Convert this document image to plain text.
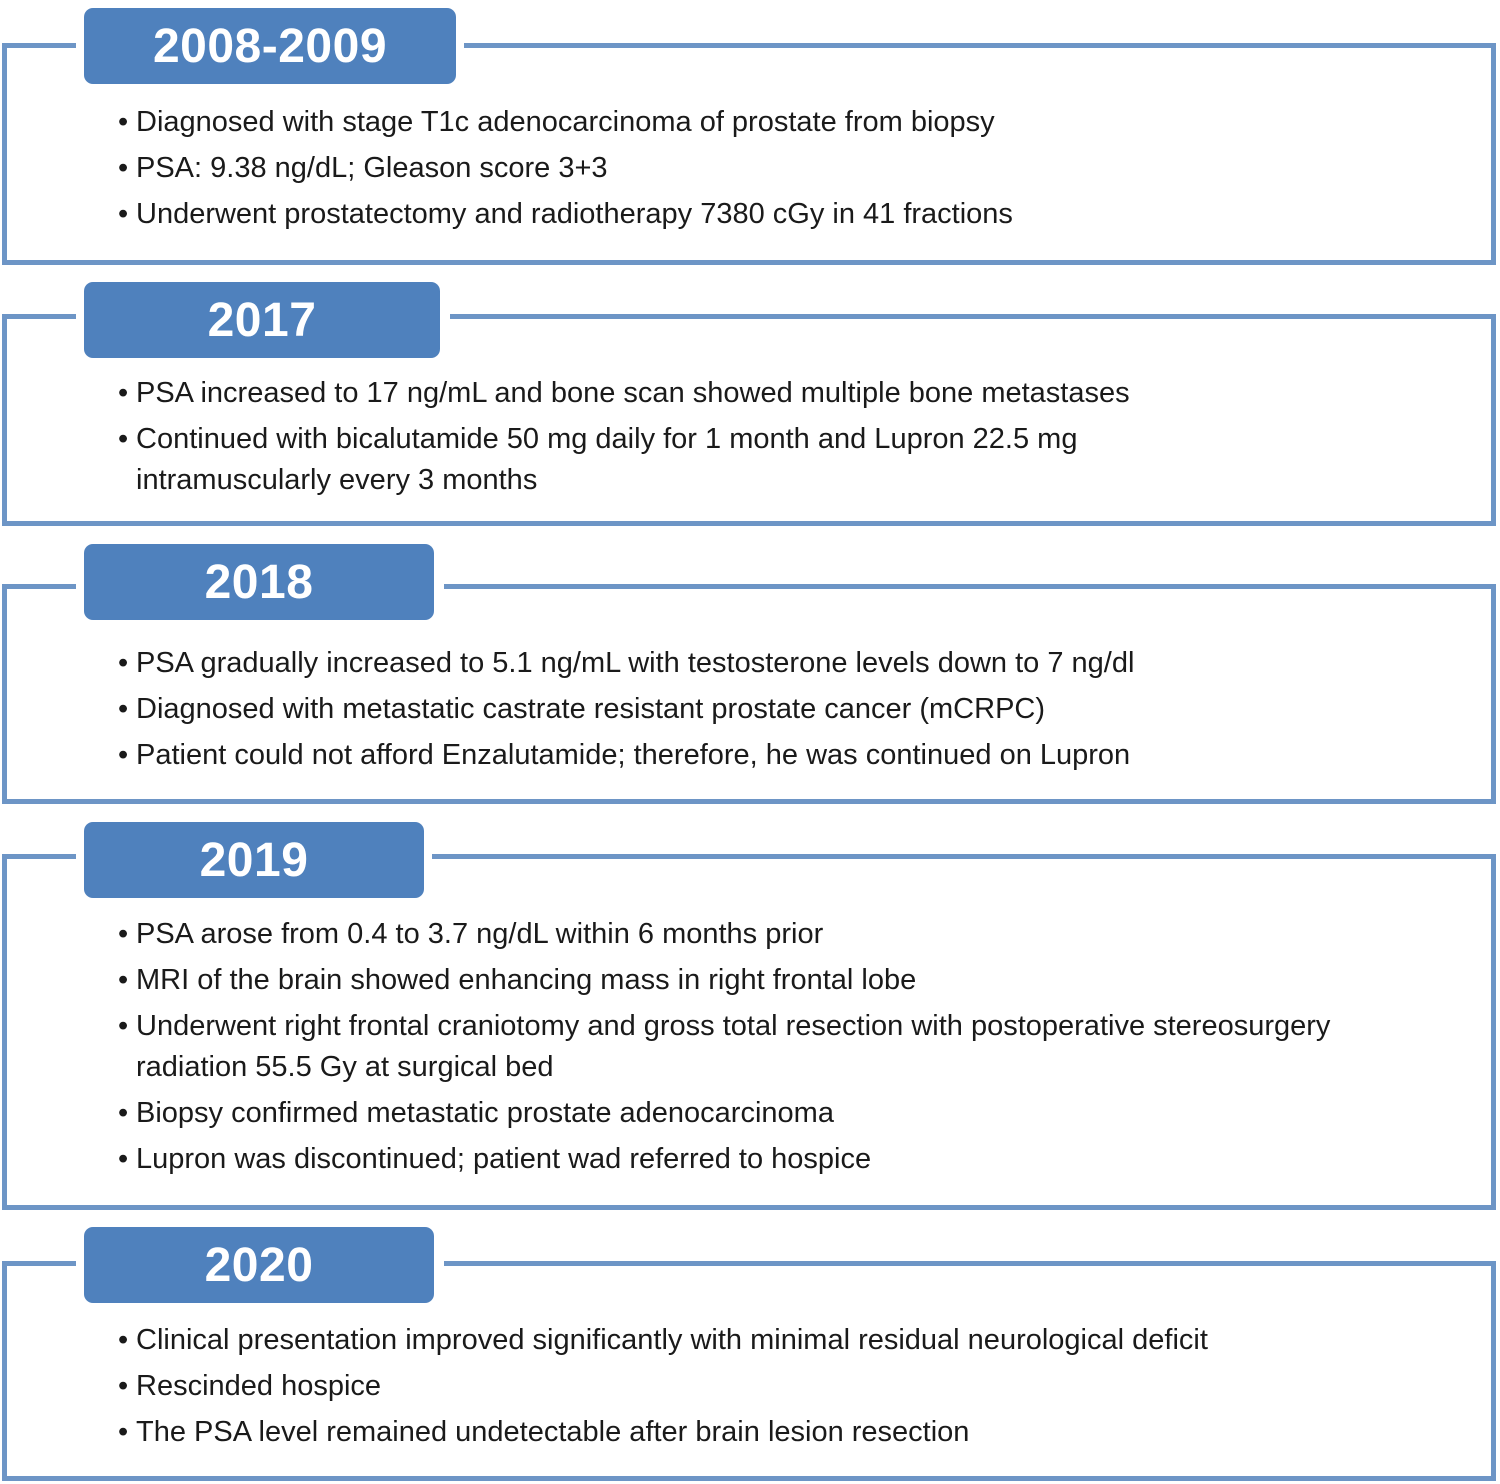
2008-2009
• Diagnosed with stage T1c adenocarcinoma of prostate from biopsy
• PSA: 9.38 ng/dL; Gleason score 3+3
• Underwent prostatectomy and radiotherapy 7380 cGy in 41 fractions
2017
• PSA increased to 17 ng/mL and bone scan showed multiple bone metastases
• Continued with bicalutamide 50 mg daily for 1 month and Lupron 22.5 mg intramuscularly every 3 months
2018
• PSA gradually increased to 5.1 ng/mL with testosterone levels down to 7 ng/dl
• Diagnosed with metastatic castrate resistant prostate cancer (mCRPC)
• Patient could not afford Enzalutamide; therefore, he was continued on Lupron
2019
• PSA arose from 0.4 to 3.7 ng/dL within 6 months prior
• MRI of the brain showed enhancing mass in right frontal lobe
• Underwent right frontal craniotomy and gross total resection with postoperative stereosurgery radiation 55.5 Gy at surgical bed
• Biopsy confirmed metastatic prostate adenocarcinoma
• Lupron was discontinued; patient wad referred to hospice
2020
• Clinical presentation improved significantly with minimal residual neurological deficit
• Rescinded hospice
• The PSA level remained undetectable after brain lesion resection
